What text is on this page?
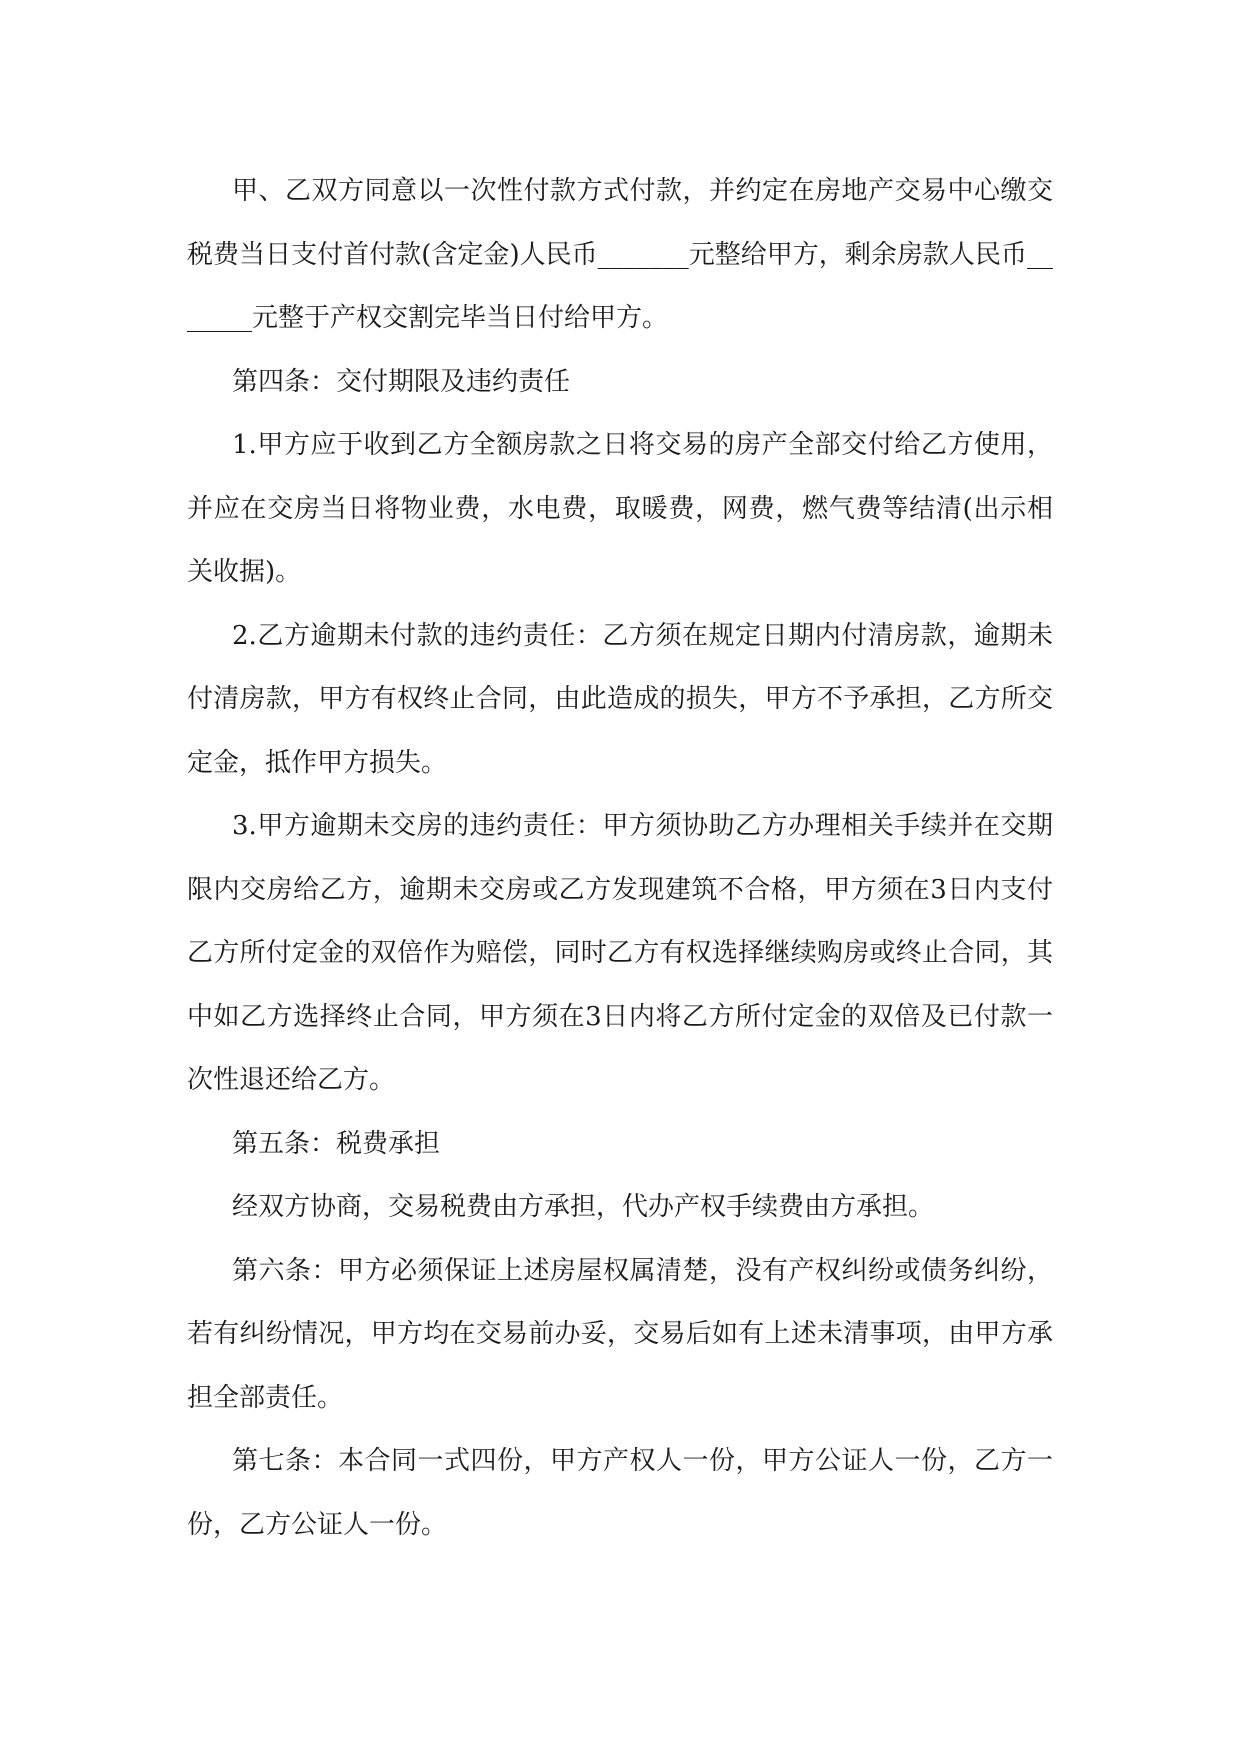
甲、乙双方同意以一次性付款方式付款，并约定在房地产交易中心缴交税费当日支付首付款(含定金)人民币_______元整给甲方，剩余房款人民币_______元整于产权交割完毕当日付给甲方。

第四条：交付期限及违约责任

1.甲方应于收到乙方全额房款之日将交易的房产全部交付给乙方使用，并应在交房当日将物业费，水电费，取暖费，网费，燃气费等结清(出示相关收据)。

2.乙方逾期未付款的违约责任：乙方须在规定日期内付清房款，逾期未付清房款，甲方有权终止合同，由此造成的损失，甲方不予承担，乙方所交定金，抵作甲方损失。

3.甲方逾期未交房的违约责任：甲方须协助乙方办理相关手续并在交期限内交房给乙方，逾期未交房或乙方发现建筑不合格，甲方须在3日内支付乙方所付定金的双倍作为赔偿，同时乙方有权选择继续购房或终止合同，其中如乙方选择终止合同，甲方须在3日内将乙方所付定金的双倍及已付款一次性退还给乙方。

第五条：税费承担

经双方协商，交易税费由方承担，代办产权手续费由方承担。

第六条：甲方必须保证上述房屋权属清楚，没有产权纠纷或债务纠纷，若有纠纷情况，甲方均在交易前办妥，交易后如有上述未清事项，由甲方承担全部责任。

第七条：本合同一式四份，甲方产权人一份，甲方公证人一份，乙方一份，乙方公证人一份。
